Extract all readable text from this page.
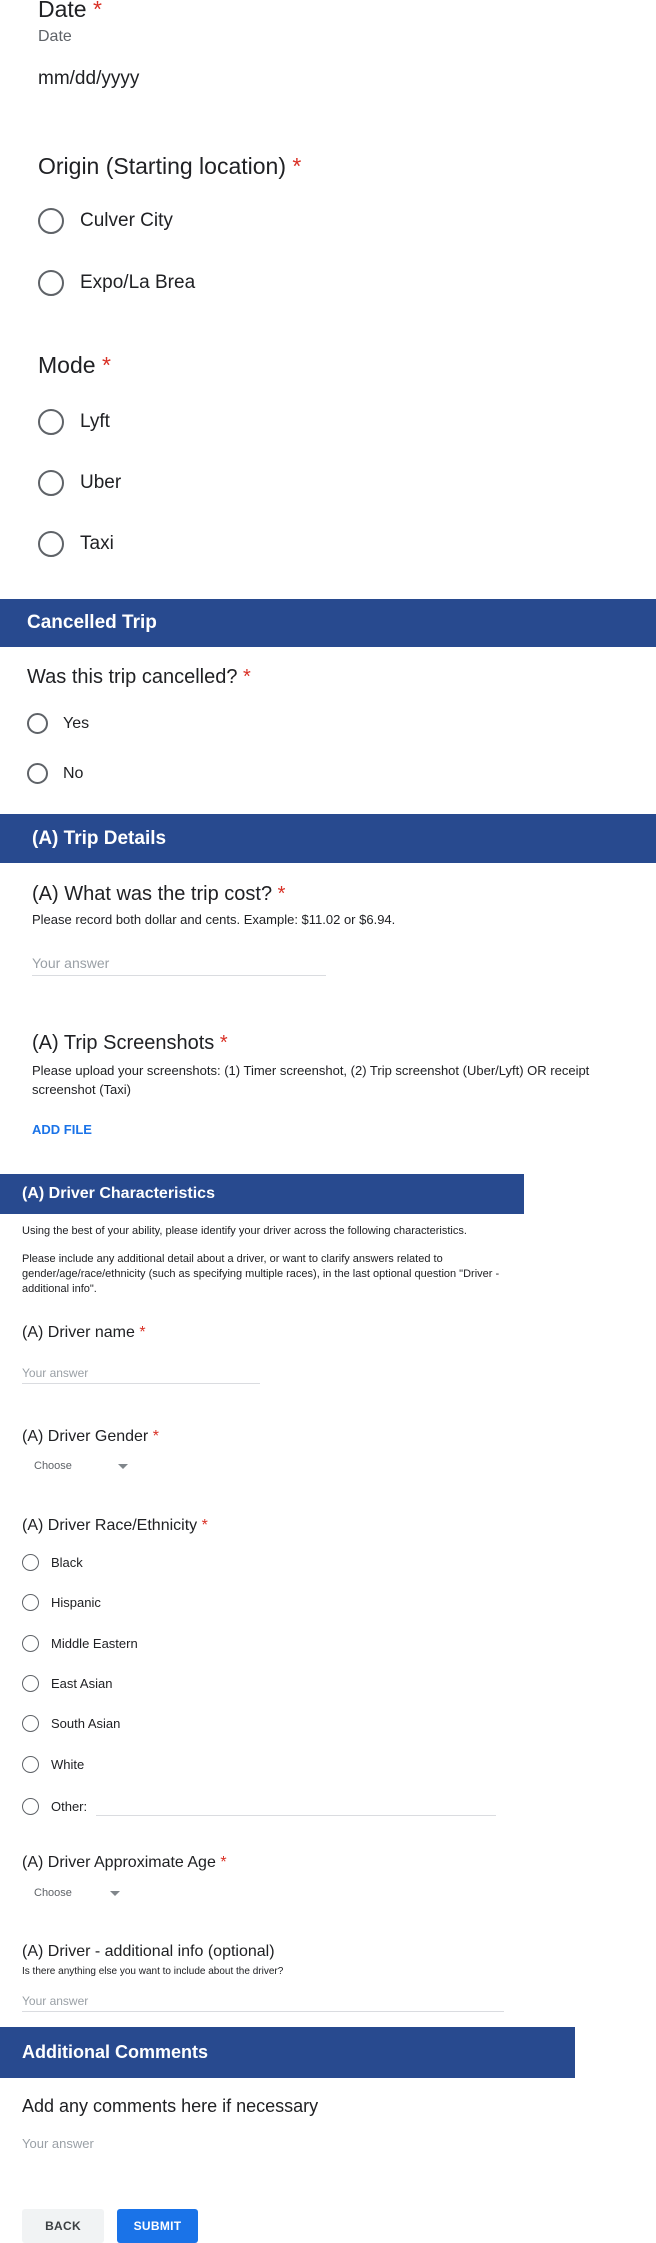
Date *
Date
mm/dd/yyyy
Origin (Starting location) *
Culver City
Expo/La Brea
Mode *
Lyft
Uber
Taxi
Cancelled Trip
Was this trip cancelled? *
Yes
No
(A) Trip Details
(A) What was the trip cost? *
Please record both dollar and cents. Example: $11.02 or $6.94.
Your answer
(A) Trip Screenshots *
Please upload your screenshots: (1) Timer screenshot, (2) Trip screenshot (Uber/Lyft) OR receipt screenshot (Taxi)
ADD FILE
(A) Driver Characteristics
Using the best of your ability, please identify your driver across the following characteristics.
Please include any additional detail about a driver, or want to clarify answers related to gender/age/race/ethnicity (such as specifying multiple races), in the last optional question "Driver - additional info".
(A) Driver name *
Your answer
(A) Driver Gender *
Choose
(A) Driver Race/Ethnicity *
Black
Hispanic
Middle Eastern
East Asian
South Asian
White
Other:
(A) Driver Approximate Age *
Choose
(A) Driver - additional info (optional)
Is there anything else you want to include about the driver?
Your answer
Additional Comments
Add any comments here if necessary
Your answer
BACK	SUBMIT
